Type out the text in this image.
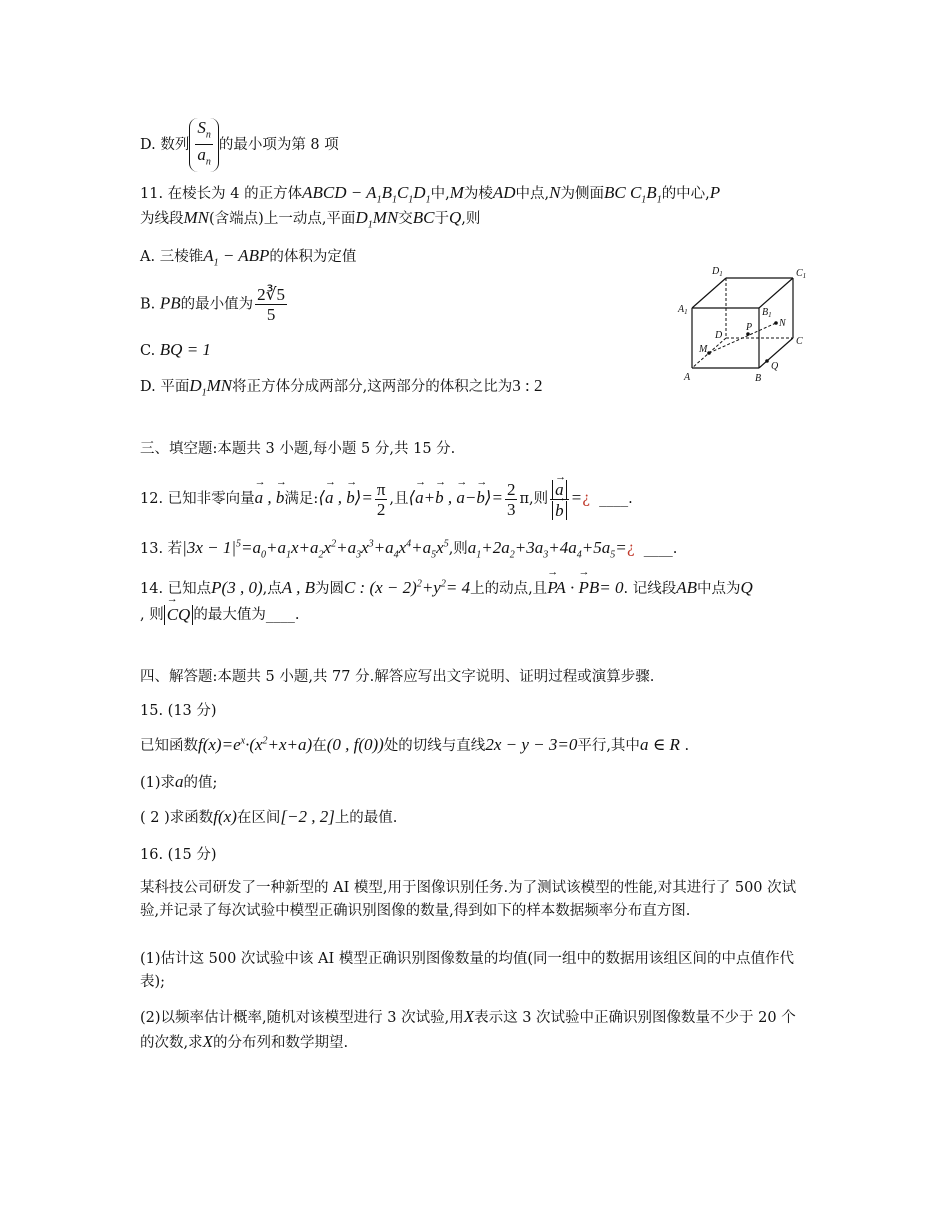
D. 数列 $\frac{S_n}{a_n}$ 的最小项为第 8 项
11. 在棱长为 4 的正方体ABCD − $A_1B_1C_1D_1$中,M为棱AD中点,N为侧面BC $C_1B_1$的中心,P
为线段MN(含端点)上一动点,平面$D_1MN$交BC于Q,则
A. 三棱锥$A_1$ − ABP的体积为定值
B. PB的最小值为 $\frac{2∛5}{5}$
C. BQ = 1
D. 平面$D_1MN$将正方体分成两部分,这两部分的体积之比为3 : 2
$D_1$	$C_1$
$A_1$	$B_1$
D
P	N
M
C
A	B
Q
三、填空题:本题共 3 小题,每小题 5 分,共 15 分.
12. 已知非零向量→ a , → b满足:⟨→ a , → b⟩= $\frac{\pi}{2}$ ,且⟨→ a+→ b , → a−→ b⟩= $\frac{2}{3} \pi$,则 → a
→ b =¿ ____.
13. 若$|3x - 1|^5=a_0+a_1x+a_2x^2+a_3x^3+a_4x^4+a_5x^5$,则$a_1+2a_2+3a_3+4a_4+5a_5=¿$ ____.
14. 已知点P(3 , 0),点A , B为圆C : $(x - 2)^2+y^2= 4$上的动点,且→ PA · → PB= 0. 记线段AB中点为Q
, 则 → CQ 的最大值为____.
四、解答题:本题共 5 小题,共 77 分.解答应写出文字说明、证明过程或演算步骤.
15. (13 分)
已知函数$f(x)=e^x\cdot(x^2+x+a)$在(0 , f(0))处的切线与直线2x − y − 3=0平行,其中a ∈ R .
(1)求a的值;
( 2 )求函数f(x)在区间[−2 , 2]上的最值.
16. (15 分)
某科技公司研发了一种新型的 AI 模型,用于图像识别任务.为了测试该模型的性能,对其进行了 500 次试验,并记录了每次试验中模型正确识别图像的数量,得到如下的样本数据频率分布直方图.
(1)估计这 500 次试验中该 AI 模型正确识别图像数量的均值(同一组中的数据用该组区间的中点值作代表);
(2)以频率估计概率,随机对该模型进行 3 次试验,用X表示这 3 次试验中正确识别图像数量不少于 20 个的次数,求X的分布列和数学期望.
